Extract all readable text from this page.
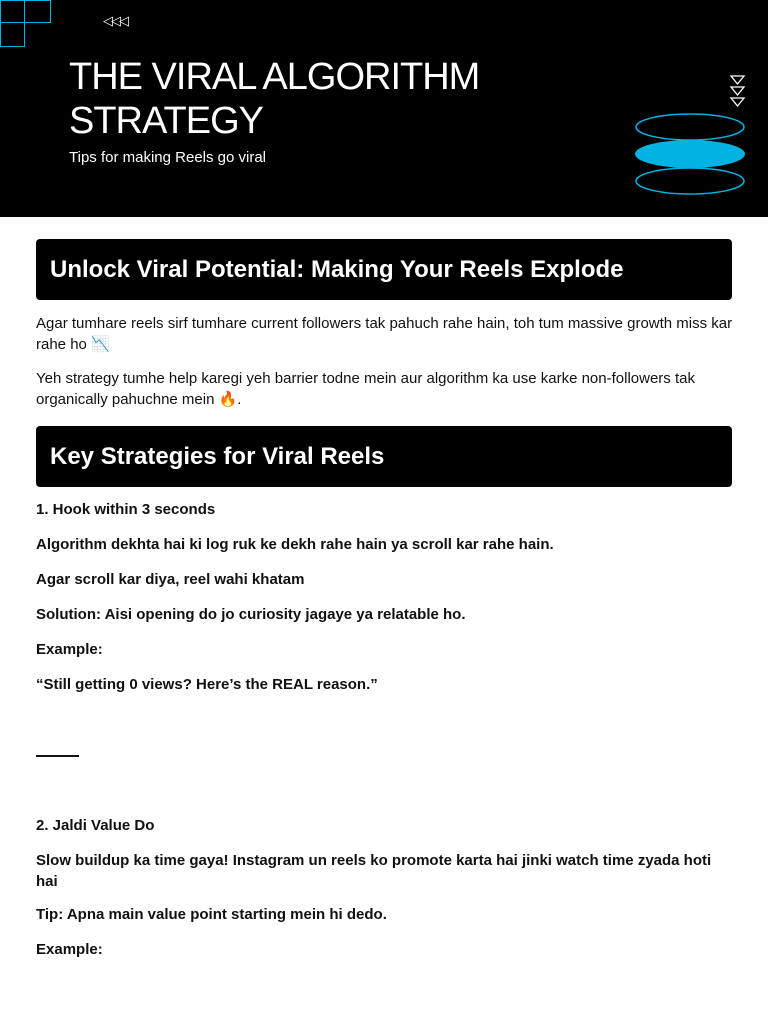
◁◁◁
THE VIRAL ALGORITHM
STRATEGY
Tips for making Reels go viral
Unlock Viral Potential: Making Your Reels Explode

Agar tumhare reels sirf tumhare current followers tak pahuch rahe hain, toh tum massive growth miss kar rahe ho 📉

Yeh strategy tumhe help karegi yeh barrier todne mein aur algorithm ka use karke non-followers tak organically pahuchne mein 🔥.

Key Strategies for Viral Reels

1. Hook within 3 seconds

Algorithm dekhta hai ki log ruk ke dekh rahe hain ya scroll kar rahe hain.

Agar scroll kar diya, reel wahi khatam

Solution: Aisi opening do jo curiosity jagaye ya relatable ho.

Example:

“Still getting 0 views? Here’s the REAL reason.”

2. Jaldi Value Do

Slow buildup ka time gaya! Instagram un reels ko promote karta hai jinki watch time zyada hoti hai

Tip: Apna main value point starting mein hi dedo.

Example:
